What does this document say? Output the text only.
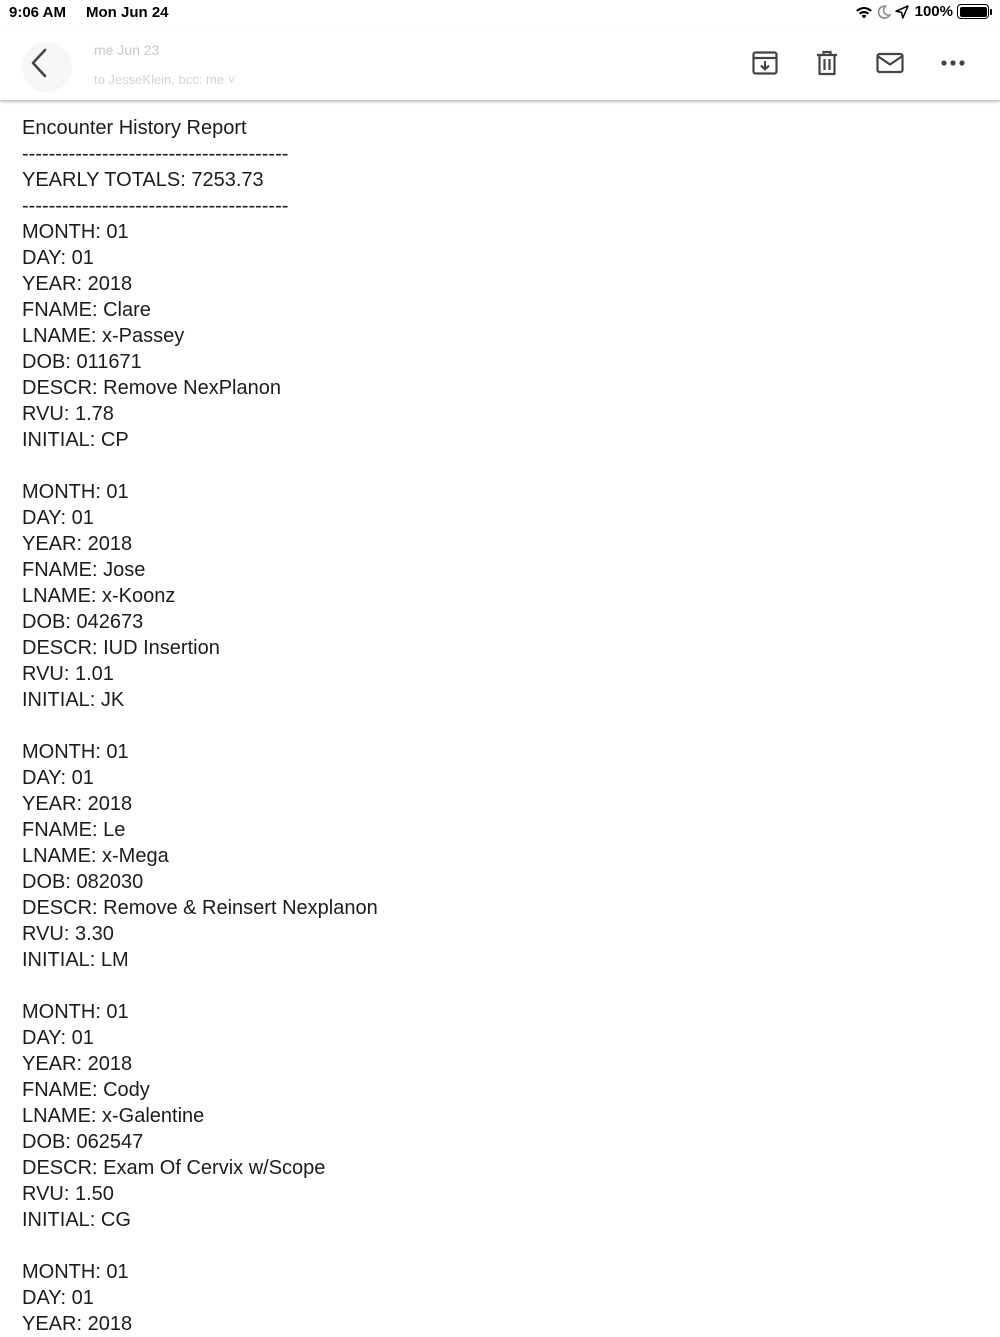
9:06 AM Mon Jun 24	100%
me Jun 23
to JesseKlein, bcc: me ˅
Encounter History Report
----------------------------------------
YEARLY TOTALS: 7253.73
----------------------------------------
MONTH: 01
DAY: 01
YEAR: 2018
FNAME: Clare
LNAME: x-Passey
DOB: 011671
DESCR: Remove NexPlanon
RVU: 1.78
INITIAL: CP
MONTH: 01
DAY: 01
YEAR: 2018
FNAME: Jose
LNAME: x-Koonz
DOB: 042673
DESCR: IUD Insertion
RVU: 1.01
INITIAL: JK
MONTH: 01
DAY: 01
YEAR: 2018
FNAME: Le
LNAME: x-Mega
DOB: 082030
DESCR: Remove & Reinsert Nexplanon
RVU: 3.30
INITIAL: LM
MONTH: 01
DAY: 01
YEAR: 2018
FNAME: Cody
LNAME: x-Galentine
DOB: 062547
DESCR: Exam Of Cervix w/Scope
RVU: 1.50
INITIAL: CG
MONTH: 01
DAY: 01
YEAR: 2018
